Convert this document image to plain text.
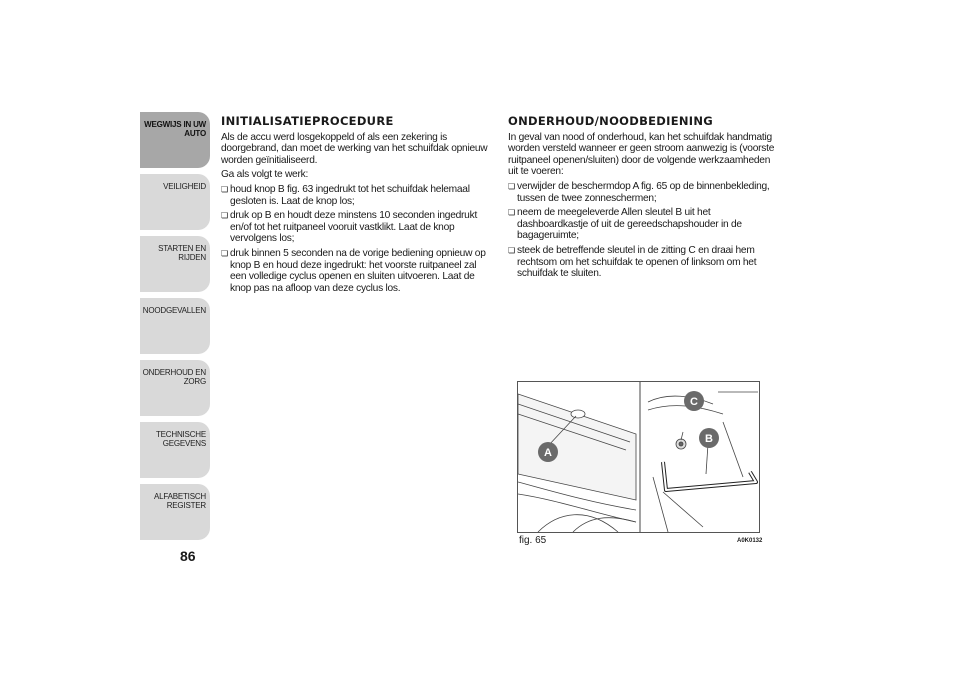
WEGWIJS IN UW
AUTO
VEILIGHEID
STARTEN EN RIJDEN
NOODGEVALLEN
ONDERHOUD EN
ZORG
TECHNISCHE
GEGEVENS
ALFABETISCH
REGISTER
86
INITIALISATIEPROCEDURE
Als de accu werd losgekoppeld of als een zekering is doorgebrand, dan moet de werking van het schuifdak opnieuw worden geïnitialiseerd.
Ga als volgt te werk:
❏ houd knop B fig. 63 ingedrukt tot het schuifdak helemaal gesloten is. Laat de knop los;
❏ druk op B en houdt deze minstens 10 seconden ingedrukt en/of tot het ruitpaneel vooruit vastklikt. Laat de knop vervolgens los;
❏ druk binnen 5 seconden na de vorige bediening opnieuw op knop B en houd deze ingedrukt: het voorste ruitpaneel zal een volledige cyclus openen en sluiten uitvoeren. Laat de knop pas na afloop van deze cyclus los.
ONDERHOUD/NOODBEDIENING
In geval van nood of onderhoud, kan het schuifdak handmatig worden versteld wanneer er geen stroom aanwezig is (voorste ruitpaneel openen/sluiten) door de volgende werkzaamheden uit te voeren:
❏ verwijder de beschermdop A fig. 65 op de binnenbekleding, tussen de twee zonneschermen;
❏ neem de meegeleverde Allen sleutel B uit het dashboardkastje of uit de gereedschapshouder in de bagageruimte;
❏ steek de betreffende sleutel in de zitting C en draai hem rechtsom om het schuifdak te openen of linksom om het schuifdak te sluiten.
A
B
C
fig. 65	A0K0132
